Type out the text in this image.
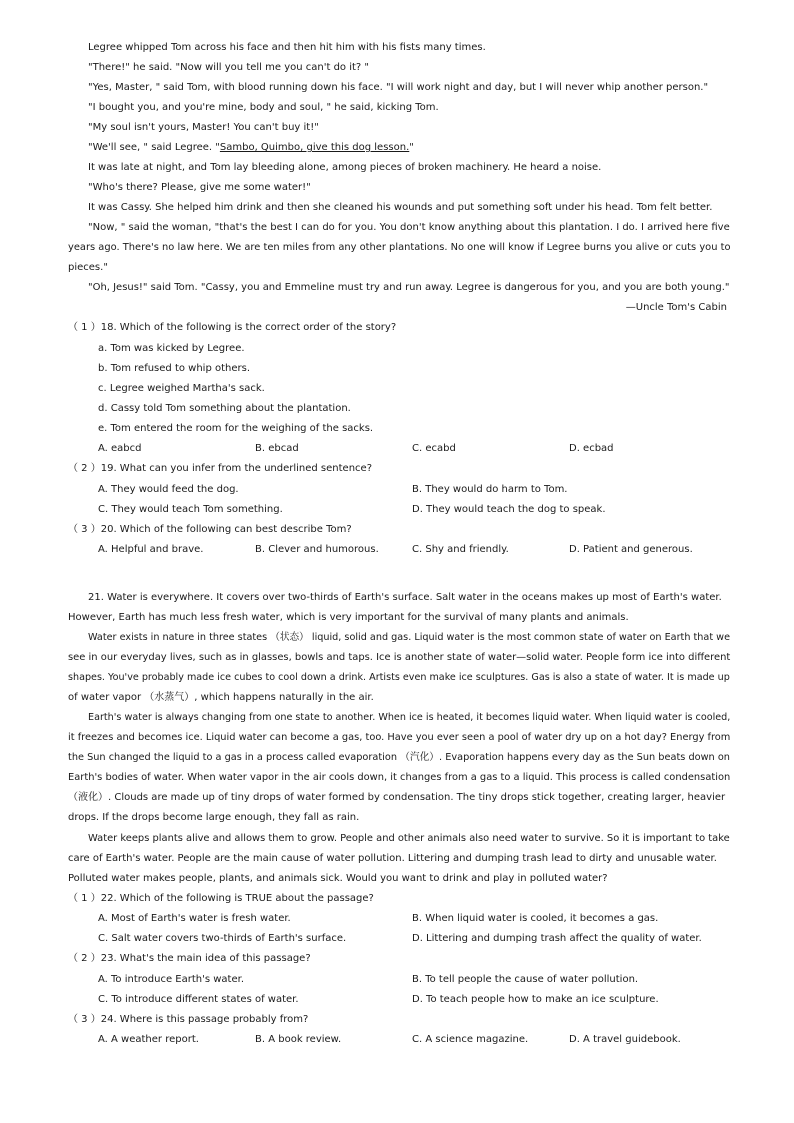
Legree whipped Tom across his face and then hit him with his fists many times.
"There!" he said. "Now will you tell me you can't do it? "
"Yes, Master, " said Tom, with blood running down his face. "I will work night and day, but I will never whip another person."
"I bought you, and you're mine, body and soul, " he said, kicking Tom.
"My soul isn't yours, Master! You can't buy it!"
"We'll see, " said Legree. "Sambo, Quimbo, give this dog lesson."
It was late at night, and Tom lay bleeding alone, among pieces of broken machinery. He heard a noise.
"Who's there? Please, give me some water!"
It was Cassy. She helped him drink and then she cleaned his wounds and put something soft under his head. Tom felt better.
"Now, " said the woman, "that's the best I can do for you. You don't know anything about this plantation. I do. I arrived here five
years ago. There's no law here. We are ten miles from any other plantations. No one will know if Legree burns you alive or cuts you to
pieces."
"Oh, Jesus!" said Tom. "Cassy, you and Emmeline must try and run away. Legree is dangerous for you, and you are both young."
—Uncle Tom's Cabin
（ 1 ）18. Which of the following is the correct order of the story?
a. Tom was kicked by Legree.
b. Tom refused to whip others.
c. Legree weighed Martha's sack.
d. Cassy told Tom something about the plantation.
e. Tom entered the room for the weighing of the sacks.
A. eabcd	B. ebcad	C. ecabd	D. ecbad
（ 2 ）19. What can you infer from the underlined sentence?
A. They would feed the dog.	B. They would do harm to Tom.
C. They would teach Tom something.	D. They would teach the dog to speak.
（ 3 ）20. Which of the following can best describe Tom?
A. Helpful and brave.	B. Clever and humorous.	C. Shy and friendly.	D. Patient and generous.
21. Water is everywhere. It covers over two-thirds of Earth's surface. Salt water in the oceans makes up most of Earth's water.
However, Earth has much less fresh water, which is very important for the survival of many plants and animals.
Water exists in nature in three states （状态） liquid, solid and gas. Liquid water is the most common state of water on Earth that we
see in our everyday lives, such as in glasses, bowls and taps. Ice is another state of water—solid water. People form ice into different
shapes. You've probably made ice cubes to cool down a drink. Artists even make ice sculptures. Gas is also a state of water. It is made up
of water vapor （水蒸气）, which happens naturally in the air.
Earth's water is always changing from one state to another. When ice is heated, it becomes liquid water. When liquid water is cooled,
it freezes and becomes ice. Liquid water can become a gas, too. Have you ever seen a pool of water dry up on a hot day? Energy from
the Sun changed the liquid to a gas in a process called evaporation （汽化）. Evaporation happens every day as the Sun beats down on
Earth's bodies of water. When water vapor in the air cools down, it changes from a gas to a liquid. This process is called condensation
（液化）. Clouds are made up of tiny drops of water formed by condensation. The tiny drops stick together, creating larger, heavier
drops. If the drops become large enough, they fall as rain.
Water keeps plants alive and allows them to grow. People and other animals also need water to survive. So it is important to take
care of Earth's water. People are the main cause of water pollution. Littering and dumping trash lead to dirty and unusable water.
Polluted water makes people, plants, and animals sick. Would you want to drink and play in polluted water?
（ 1 ）22. Which of the following is TRUE about the passage?
A. Most of Earth's water is fresh water.	B. When liquid water is cooled, it becomes a gas.
C. Salt water covers two-thirds of Earth's surface.	D. Littering and dumping trash affect the quality of water.
（ 2 ）23. What's the main idea of this passage?
A. To introduce Earth's water.	B. To tell people the cause of water pollution.
C. To introduce different states of water.	D. To teach people how to make an ice sculpture.
（ 3 ）24. Where is this passage probably from?
A. A weather report.	B. A book review.	C. A science magazine.	D. A travel guidebook.
